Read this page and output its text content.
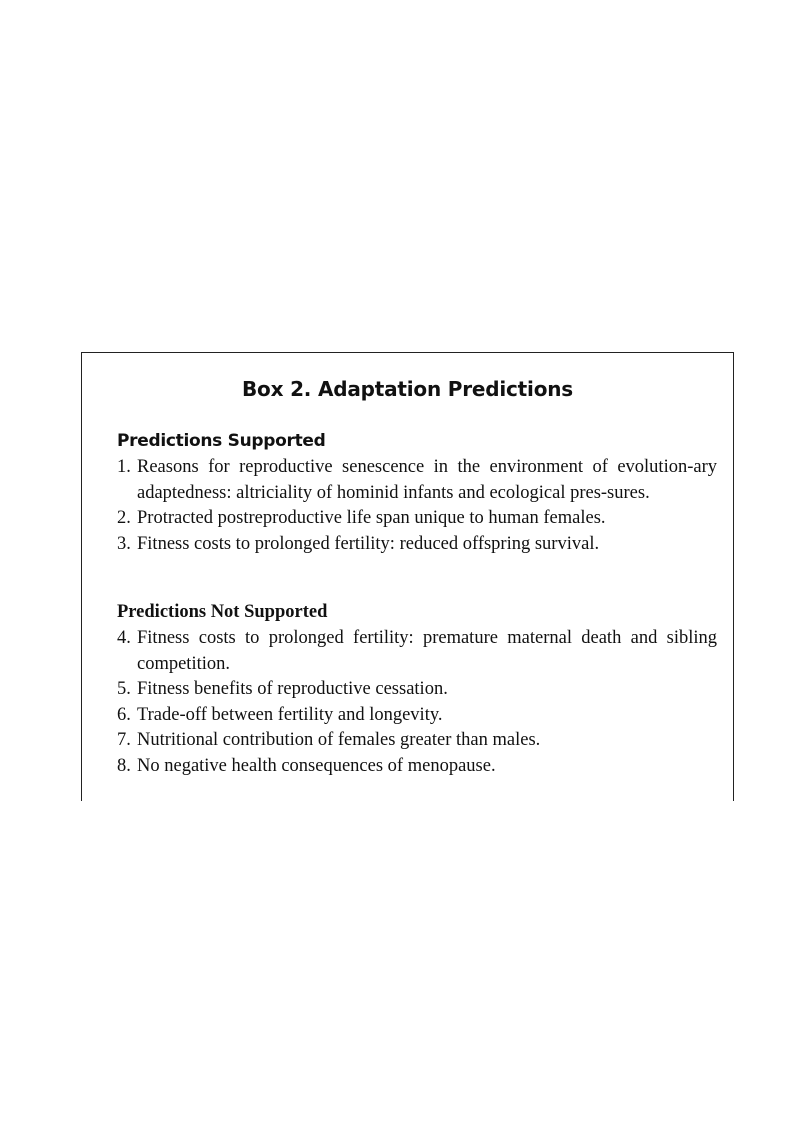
Box 2. Adaptation Predictions
Predictions Supported
1. Reasons for reproductive senescence in the environment of evolution-ary adaptedness: altriciality of hominid infants and ecological pres-sures.
2. Protracted postreproductive life span unique to human females.
3. Fitness costs to prolonged fertility: reduced offspring survival.
Predictions Not Supported
4. Fitness costs to prolonged fertility: premature maternal death and sibling competition.
5. Fitness benefits of reproductive cessation.
6. Trade-off between fertility and longevity.
7. Nutritional contribution of females greater than males.
8. No negative health consequences of menopause.
